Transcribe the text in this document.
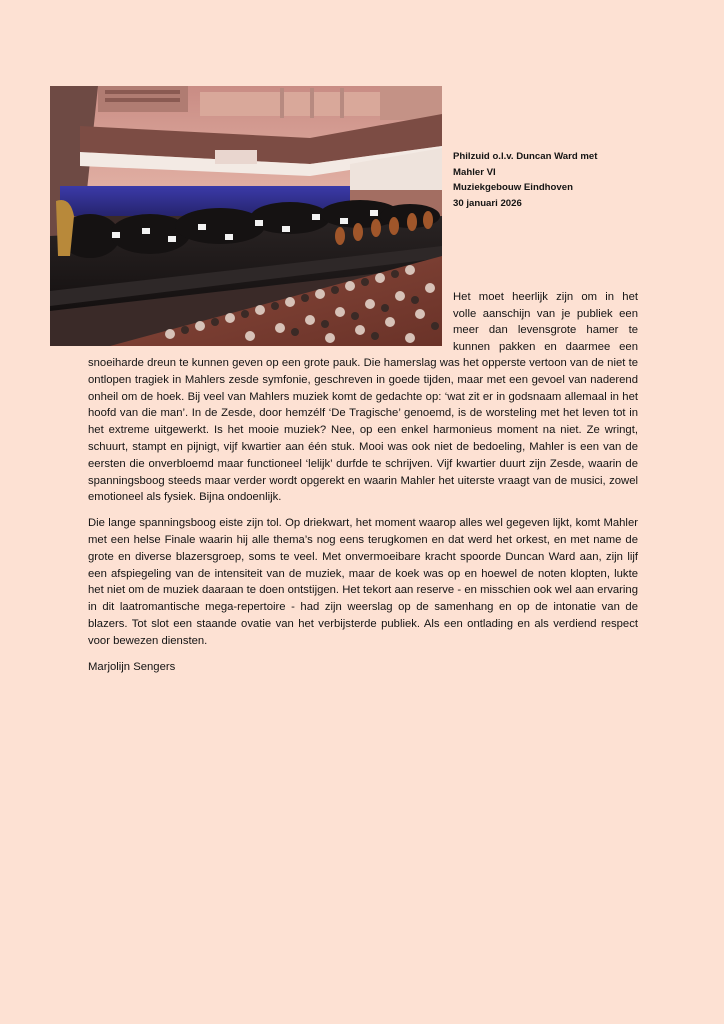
Philzuid o.l.v. Duncan Ward met
Mahler VI
Muziekgebouw Eindhoven
30 januari 2026
Het moet heerlijk zijn om in het
volle aanschijn van je publiek een
meer dan levensgrote hamer te
kunnen pakken en daarmee een

snoeiharde dreun te kunnen geven op een grote pauk. Die hamerslag was het opperste vertoon van de niet te ontlopen tragiek in Mahlers zesde symfonie, geschreven in goede tijden, maar met een gevoel van naderend onheil om de hoek. Bij veel van Mahlers muziek komt de gedachte op: ‘wat zit er in godsnaam allemaal in het hoofd van die man’. In de Zesde, door hemzélf ‘De Tragische’ genoemd, is de worsteling met het leven tot in het extreme uitgewerkt. Is het mooie muziek? Nee, op een enkel harmonieus moment na niet. Ze wringt, schuurt, stampt en pijnigt, vijf kwartier aan één stuk. Mooi was ook niet de bedoeling, Mahler is een van de eersten die onverbloemd maar functioneel ‘lelijk’ durfde te schrijven. Vijf kwartier duurt zijn Zesde, waarin de spanningsboog steeds maar verder wordt opgerekt en waarin Mahler het uiterste vraagt van de musici, zowel emotioneel als fysiek. Bijna ondoenlijk.

Die lange spanningsboog eiste zijn tol. Op driekwart, het moment waarop alles wel gegeven lijkt, komt Mahler met een helse Finale waarin hij alle thema’s nog eens terugkomen en dat werd het orkest, en met name de grote en diverse blazersgroep, soms te veel. Met onvermoeibare kracht spoorde Duncan Ward aan, zijn lijf een afspiegeling van de intensiteit van de muziek, maar de koek was op en hoewel de noten klopten, lukte het niet om de muziek daaraan te doen ontstijgen. Het tekort aan reserve - en misschien ook wel aan ervaring in dit laatromantische mega-repertoire - had zijn weerslag op de samenhang en op de intonatie van de blazers. Tot slot een staande ovatie van het verbijsterde publiek. Als een ontlading en als verdiend respect voor bewezen diensten.

Marjolijn Sengers
